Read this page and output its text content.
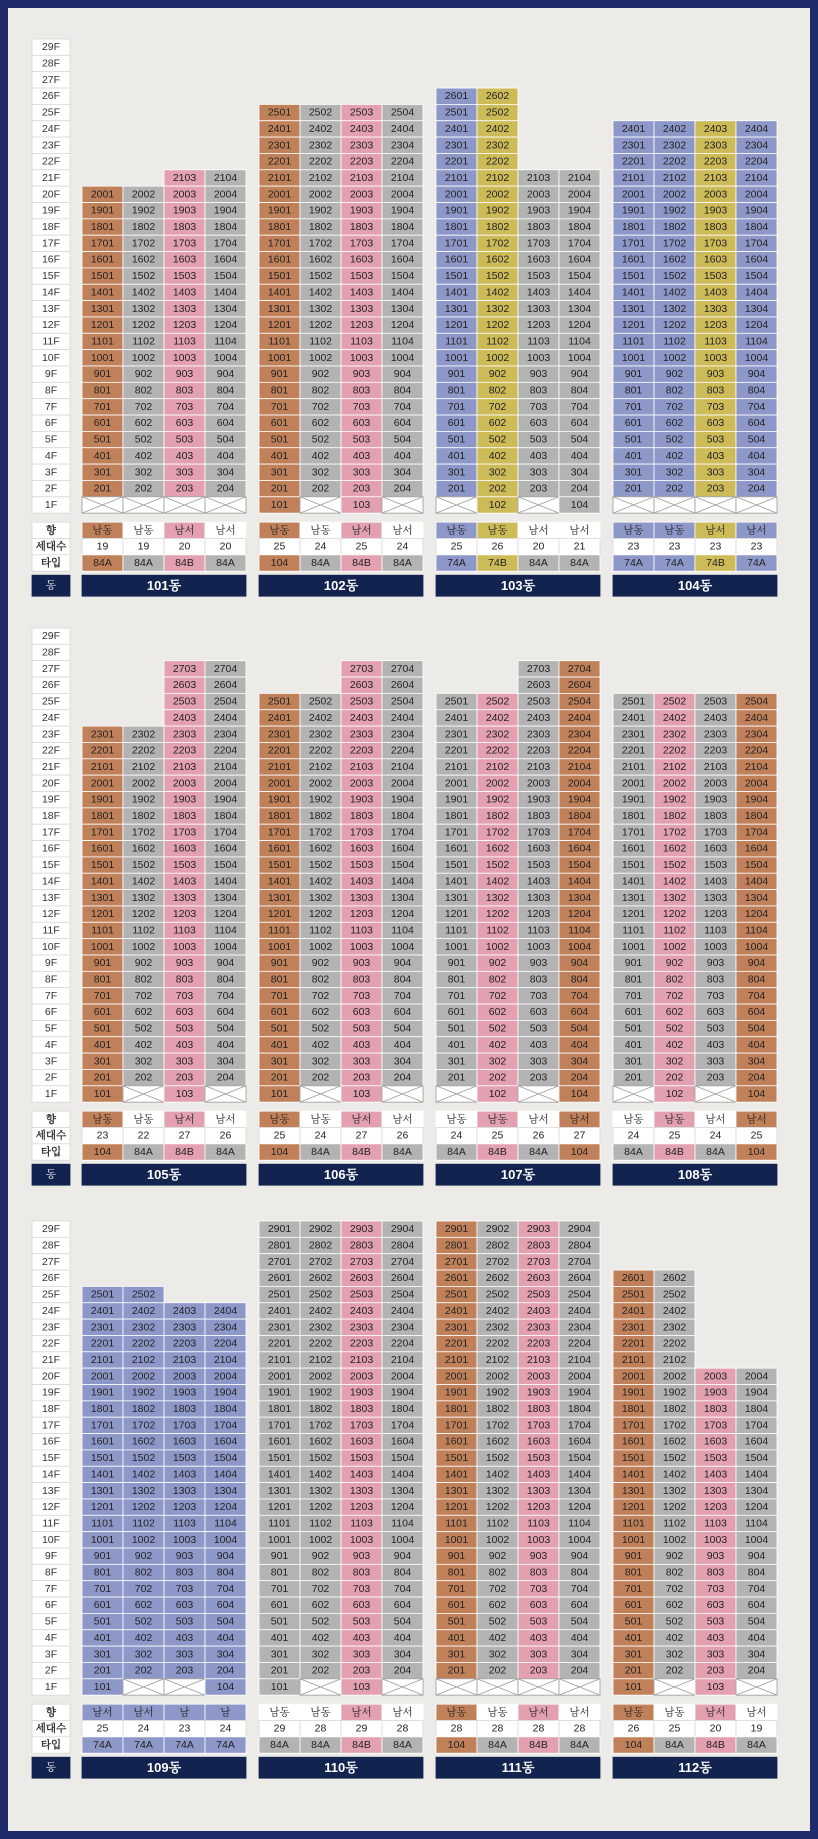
29F
28F
27F
26F
25F
24F
23F
22F
21F
20F
19F
18F
17F
16F
15F
14F
13F
12F
11F
10F
9F
8F
7F
6F
5F
4F
3F
2F
1F
향
세대수
타입
동
2001
1901
1801
1701
1601
1501
1401
1301
1201
1101
1001
901
801
701
601
501
401
301
201
남동
19
84A
2002
1902
1802
1702
1602
1502
1402
1302
1202
1102
1002
902
802
702
602
502
402
302
202
남동
19
84A
2103
2003
1903
1803
1703
1603
1503
1403
1303
1203
1103
1003
903
803
703
603
503
403
303
203
남서
20
84B
2104
2004
1904
1804
1704
1604
1504
1404
1304
1204
1104
1004
904
804
704
604
504
404
304
204
남서
20
84A
101동
2501
2401
2301
2201
2101
2001
1901
1801
1701
1601
1501
1401
1301
1201
1101
1001
901
801
701
601
501
401
301
201
101
남동
25
104
2502
2402
2302
2202
2102
2002
1902
1802
1702
1602
1502
1402
1302
1202
1102
1002
902
802
702
602
502
402
302
202
남동
24
84A
2503
2403
2303
2203
2103
2003
1903
1803
1703
1603
1503
1403
1303
1203
1103
1003
903
803
703
603
503
403
303
203
103
남서
25
84B
2504
2404
2304
2204
2104
2004
1904
1804
1704
1604
1504
1404
1304
1204
1104
1004
904
804
704
604
504
404
304
204
남서
24
84A
102동
2601
2501
2401
2301
2201
2101
2001
1901
1801
1701
1601
1501
1401
1301
1201
1101
1001
901
801
701
601
501
401
301
201
남동
25
74A
2602
2502
2402
2302
2202
2102
2002
1902
1802
1702
1602
1502
1402
1302
1202
1102
1002
902
802
702
602
502
402
302
202
102
남동
26
74B
2103
2003
1903
1803
1703
1603
1503
1403
1303
1203
1103
1003
903
803
703
603
503
403
303
203
남서
20
84A
2104
2004
1904
1804
1704
1604
1504
1404
1304
1204
1104
1004
904
804
704
604
504
404
304
204
104
남서
21
84A
103동
2401
2301
2201
2101
2001
1901
1801
1701
1601
1501
1401
1301
1201
1101
1001
901
801
701
601
501
401
301
201
남동
23
74A
2402
2302
2202
2102
2002
1902
1802
1702
1602
1502
1402
1302
1202
1102
1002
902
802
702
602
502
402
302
202
남동
23
74A
2403
2303
2203
2103
2003
1903
1803
1703
1603
1503
1403
1303
1203
1103
1003
903
803
703
603
503
403
303
203
남서
23
74B
2404
2304
2204
2104
2004
1904
1804
1704
1604
1504
1404
1304
1204
1104
1004
904
804
704
604
504
404
304
204
남서
23
74A
104동
29F
28F
27F
26F
25F
24F
23F
22F
21F
20F
19F
18F
17F
16F
15F
14F
13F
12F
11F
10F
9F
8F
7F
6F
5F
4F
3F
2F
1F
향
세대수
타입
동
2301
2201
2101
2001
1901
1801
1701
1601
1501
1401
1301
1201
1101
1001
901
801
701
601
501
401
301
201
101
남동
23
104
2302
2202
2102
2002
1902
1802
1702
1602
1502
1402
1302
1202
1102
1002
902
802
702
602
502
402
302
202
남동
22
84A
2703
2603
2503
2403
2303
2203
2103
2003
1903
1803
1703
1603
1503
1403
1303
1203
1103
1003
903
803
703
603
503
403
303
203
103
남서
27
84B
2704
2604
2504
2404
2304
2204
2104
2004
1904
1804
1704
1604
1504
1404
1304
1204
1104
1004
904
804
704
604
504
404
304
204
남서
26
84A
105동
2501
2401
2301
2201
2101
2001
1901
1801
1701
1601
1501
1401
1301
1201
1101
1001
901
801
701
601
501
401
301
201
101
남동
25
104
2502
2402
2302
2202
2102
2002
1902
1802
1702
1602
1502
1402
1302
1202
1102
1002
902
802
702
602
502
402
302
202
남동
24
84A
2703
2603
2503
2403
2303
2203
2103
2003
1903
1803
1703
1603
1503
1403
1303
1203
1103
1003
903
803
703
603
503
403
303
203
103
남서
27
84B
2704
2604
2504
2404
2304
2204
2104
2004
1904
1804
1704
1604
1504
1404
1304
1204
1104
1004
904
804
704
604
504
404
304
204
남서
26
84A
106동
2501
2401
2301
2201
2101
2001
1901
1801
1701
1601
1501
1401
1301
1201
1101
1001
901
801
701
601
501
401
301
201
남동
24
84A
2502
2402
2302
2202
2102
2002
1902
1802
1702
1602
1502
1402
1302
1202
1102
1002
902
802
702
602
502
402
302
202
102
남동
25
84B
2703
2603
2503
2403
2303
2203
2103
2003
1903
1803
1703
1603
1503
1403
1303
1203
1103
1003
903
803
703
603
503
403
303
203
남서
26
84A
2704
2604
2504
2404
2304
2204
2104
2004
1904
1804
1704
1604
1504
1404
1304
1204
1104
1004
904
804
704
604
504
404
304
204
104
남서
27
104
107동
2501
2401
2301
2201
2101
2001
1901
1801
1701
1601
1501
1401
1301
1201
1101
1001
901
801
701
601
501
401
301
201
남동
24
84A
2502
2402
2302
2202
2102
2002
1902
1802
1702
1602
1502
1402
1302
1202
1102
1002
902
802
702
602
502
402
302
202
102
남동
25
84B
2503
2403
2303
2203
2103
2003
1903
1803
1703
1603
1503
1403
1303
1203
1103
1003
903
803
703
603
503
403
303
203
남서
24
84A
2504
2404
2304
2204
2104
2004
1904
1804
1704
1604
1504
1404
1304
1204
1104
1004
904
804
704
604
504
404
304
204
104
남서
25
104
108동
29F
28F
27F
26F
25F
24F
23F
22F
21F
20F
19F
18F
17F
16F
15F
14F
13F
12F
11F
10F
9F
8F
7F
6F
5F
4F
3F
2F
1F
향
세대수
타입
동
2501
2401
2301
2201
2101
2001
1901
1801
1701
1601
1501
1401
1301
1201
1101
1001
901
801
701
601
501
401
301
201
101
남서
25
74A
2502
2402
2302
2202
2102
2002
1902
1802
1702
1602
1502
1402
1302
1202
1102
1002
902
802
702
602
502
402
302
202
남서
24
74A
2403
2303
2203
2103
2003
1903
1803
1703
1603
1503
1403
1303
1203
1103
1003
903
803
703
603
503
403
303
203
남
23
74A
2404
2304
2204
2104
2004
1904
1804
1704
1604
1504
1404
1304
1204
1104
1004
904
804
704
604
504
404
304
204
104
남
24
74A
109동
2901
2801
2701
2601
2501
2401
2301
2201
2101
2001
1901
1801
1701
1601
1501
1401
1301
1201
1101
1001
901
801
701
601
501
401
301
201
101
남동
29
84A
2902
2802
2702
2602
2502
2402
2302
2202
2102
2002
1902
1802
1702
1602
1502
1402
1302
1202
1102
1002
902
802
702
602
502
402
302
202
남동
28
84A
2903
2803
2703
2603
2503
2403
2303
2203
2103
2003
1903
1803
1703
1603
1503
1403
1303
1203
1103
1003
903
803
703
603
503
403
303
203
103
남서
29
84B
2904
2804
2704
2604
2504
2404
2304
2204
2104
2004
1904
1804
1704
1604
1504
1404
1304
1204
1104
1004
904
804
704
604
504
404
304
204
남서
28
84A
110동
2901
2801
2701
2601
2501
2401
2301
2201
2101
2001
1901
1801
1701
1601
1501
1401
1301
1201
1101
1001
901
801
701
601
501
401
301
201
남동
28
104
2902
2802
2702
2602
2502
2402
2302
2202
2102
2002
1902
1802
1702
1602
1502
1402
1302
1202
1102
1002
902
802
702
602
502
402
302
202
남동
28
84A
2903
2803
2703
2603
2503
2403
2303
2203
2103
2003
1903
1803
1703
1603
1503
1403
1303
1203
1103
1003
903
803
703
603
503
403
303
203
남서
28
84B
2904
2804
2704
2604
2504
2404
2304
2204
2104
2004
1904
1804
1704
1604
1504
1404
1304
1204
1104
1004
904
804
704
604
504
404
304
204
남서
28
84A
111동
2601
2501
2401
2301
2201
2101
2001
1901
1801
1701
1601
1501
1401
1301
1201
1101
1001
901
801
701
601
501
401
301
201
101
남동
26
104
2602
2502
2402
2302
2202
2102
2002
1902
1802
1702
1602
1502
1402
1302
1202
1102
1002
902
802
702
602
502
402
302
202
남동
25
84A
2003
1903
1803
1703
1603
1503
1403
1303
1203
1103
1003
903
803
703
603
503
403
303
203
103
남서
20
84B
2004
1904
1804
1704
1604
1504
1404
1304
1204
1104
1004
904
804
704
604
504
404
304
204
남서
19
84A
112동
